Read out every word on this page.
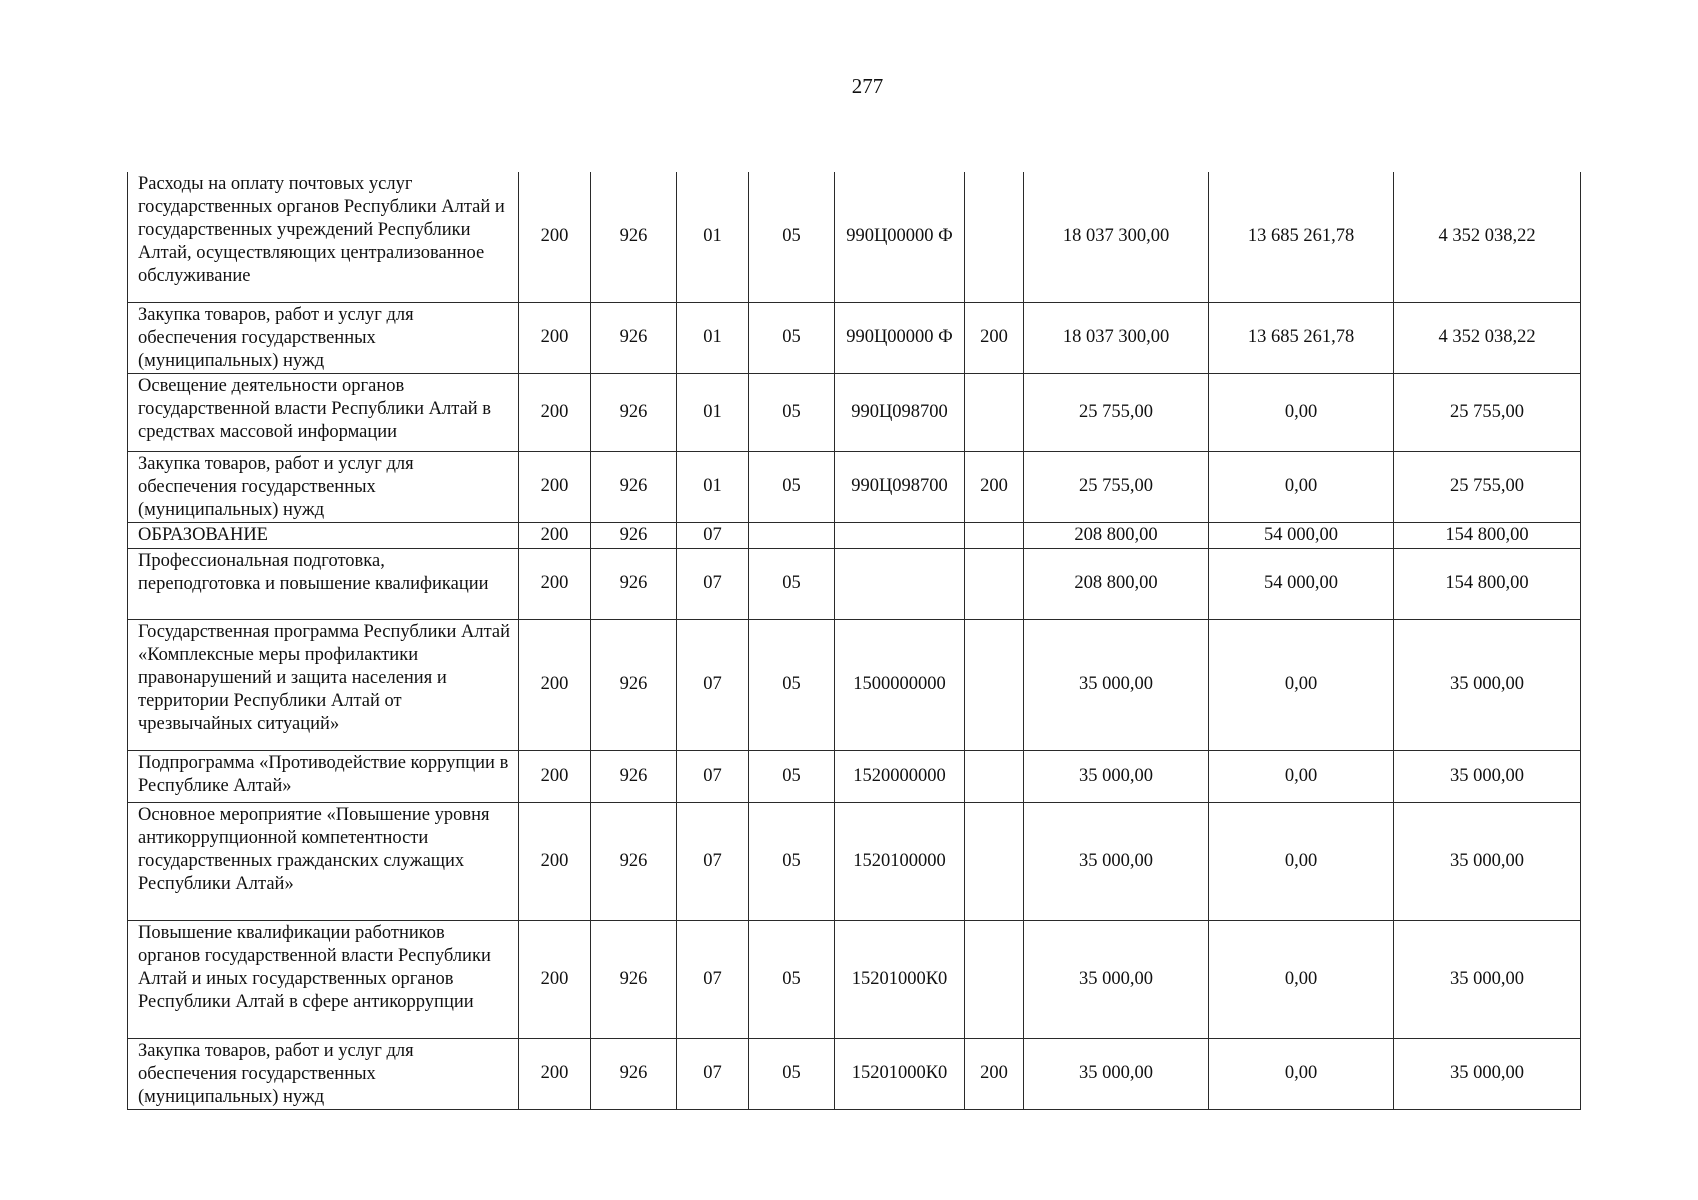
277
Расходы на оплату почтовых услуг государственных органов Республики Алтай и государственных учреждений Республики Алтай, осуществляющих централизованное обслуживание	200	926	01	05	990Ц00000 Ф		18 037 300,00	13 685 261,78	4 352 038,22
Закупка товаров, работ и услуг для обеспечения государственных (муниципальных) нужд	200	926	01	05	990Ц00000 Ф	200	18 037 300,00	13 685 261,78	4 352 038,22
Освещение деятельности органов государственной власти Республики Алтай в средствах массовой информации	200	926	01	05	990Ц098700		25 755,00	0,00	25 755,00
Закупка товаров, работ и услуг для обеспечения государственных (муниципальных) нужд	200	926	01	05	990Ц098700	200	25 755,00	0,00	25 755,00
ОБРАЗОВАНИЕ	200	926	07				208 800,00	54 000,00	154 800,00
Профессиональная подготовка, переподготовка и повышение квалификации	200	926	07	05			208 800,00	54 000,00	154 800,00
Государственная программа Республики Алтай «Комплексные меры профилактики правонарушений и защита населения и территории Республики Алтай от чрезвычайных ситуаций»	200	926	07	05	1500000000		35 000,00	0,00	35 000,00
Подпрограмма «Противодействие коррупции в Республике Алтай»	200	926	07	05	1520000000		35 000,00	0,00	35 000,00
Основное мероприятие «Повышение уровня антикоррупционной компетентности государственных гражданских служащих Республики Алтай»	200	926	07	05	1520100000		35 000,00	0,00	35 000,00
Повышение квалификации работников органов государственной власти Республики Алтай и иных государственных органов Республики Алтай в сфере антикоррупции	200	926	07	05	15201000К0		35 000,00	0,00	35 000,00
Закупка товаров, работ и услуг для обеспечения государственных (муниципальных) нужд	200	926	07	05	15201000К0	200	35 000,00	0,00	35 000,00
